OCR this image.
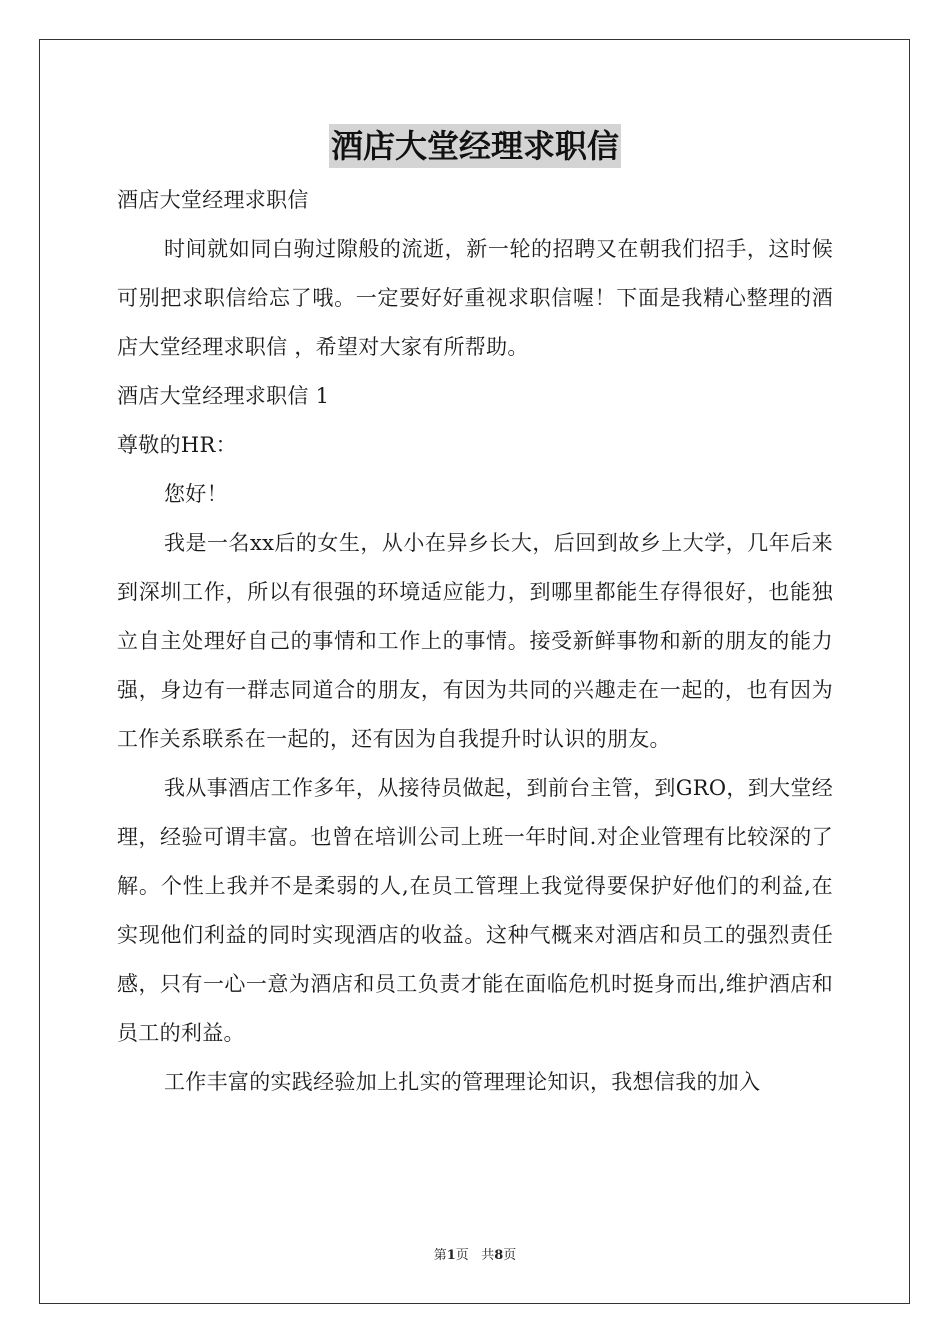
酒店大堂经理求职信

酒店大堂经理求职信

时间就如同白驹过隙般的流逝，新一轮的招聘又在朝我们招手，这时候可别把求职信给忘了哦。一定要好好重视求职信喔！下面是我精心整理的酒店大堂经理求职信 ，希望对大家有所帮助。

酒店大堂经理求职信 1

尊敬的HR：

您好！

我是一名xx后的女生，从小在异乡长大，后回到故乡上大学，几年后来到深圳工作，所以有很强的环境适应能力，到哪里都能生存得很好，也能独立自主处理好自己的事情和工作上的事情。接受新鲜事物和新的朋友的能力强，身边有一群志同道合的朋友，有因为共同的兴趣走在一起的，也有因为工作关系联系在一起的，还有因为自我提升时认识的朋友。

我从事酒店工作多年，从接待员做起，到前台主管，到GRO，到大堂经理，经验可谓丰富。也曾在培训公司上班一年时间.对企业管理有比较深的了解。个性上我并不是柔弱的人,在员工管理上我觉得要保护好他们的利益,在实现他们利益的同时实现酒店的收益。这种气概来对酒店和员工的强烈责任感，只有一心一意为酒店和员工负责才能在面临危机时挺身而出,维护酒店和员工的利益。

工作丰富的实践经验加上扎实的管理理论知识，我想信我的加入

第1页   共8页
